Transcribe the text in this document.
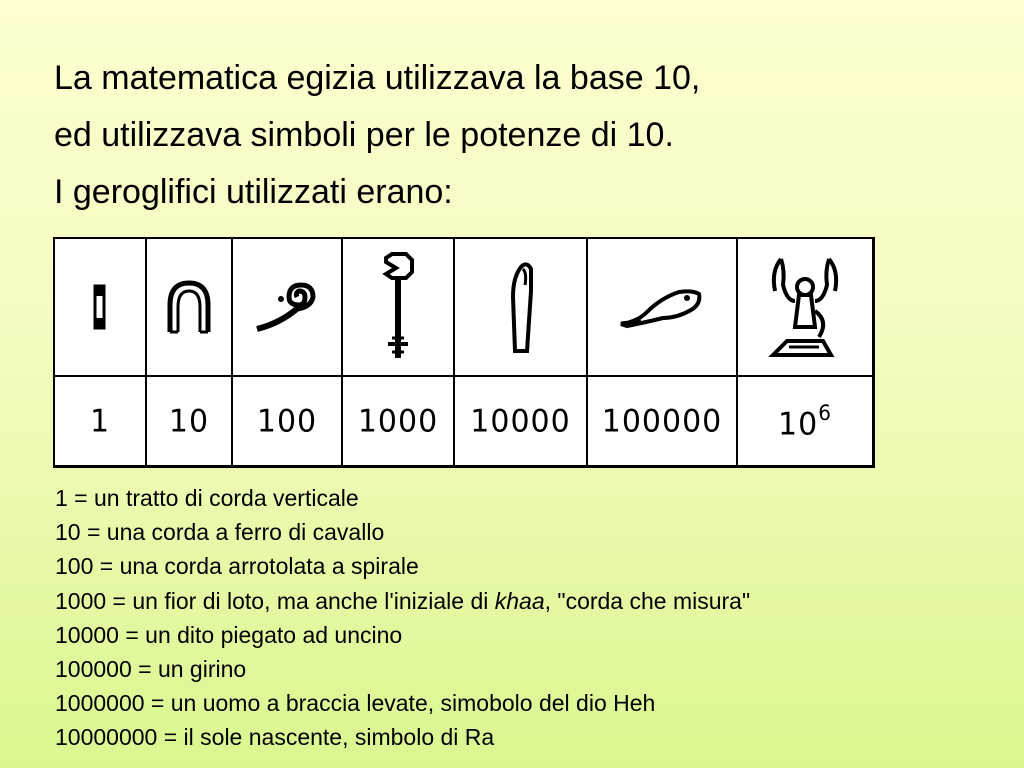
La matematica egizia utilizzava la base 10,
ed utilizzava simboli per le potenze di 10.
I geroglifici utilizzati erano:
1 10 100 1000 10000 100000 $10^6$
1 = un tratto di corda verticale
10 = una corda a ferro di cavallo
100 = una corda arrotolata a spirale
1000 = un fior di loto, ma anche l'iniziale di khaa, "corda che misura"
10000 = un dito piegato ad uncino
100000 = un girino
1000000 = un uomo a braccia levate, simobolo del dio Heh
10000000 = il sole nascente, simbolo di Ra
